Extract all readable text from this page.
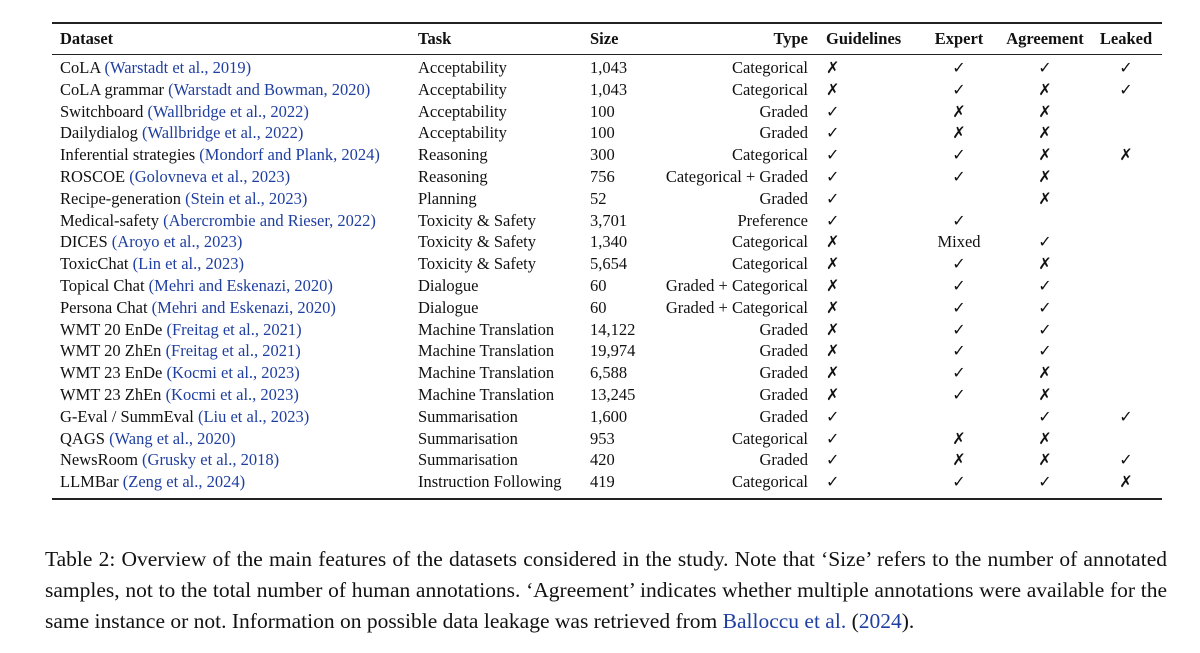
Dataset	Task	Size	Type	Guidelines	Expert	Agreement	Leaked
CoLA (Warstadt et al., 2019)	Acceptability	1,043	Categorical	✗	✓	✓	✓
CoLA grammar (Warstadt and Bowman, 2020)	Acceptability	1,043	Categorical	✗	✓	✗	✓
Switchboard (Wallbridge et al., 2022)	Acceptability	100	Graded	✓	✗	✗	
Dailydialog (Wallbridge et al., 2022)	Acceptability	100	Graded	✓	✗	✗	
Inferential strategies (Mondorf and Plank, 2024)	Reasoning	300	Categorical	✓	✓	✗	✗
ROSCOE (Golovneva et al., 2023)	Reasoning	756	Categorical + Graded	✓	✓	✗	
Recipe-generation (Stein et al., 2023)	Planning	52	Graded	✓		✗	
Medical-safety (Abercrombie and Rieser, 2022)	Toxicity & Safety	3,701	Preference	✓	✓		
DICES (Aroyo et al., 2023)	Toxicity & Safety	1,340	Categorical	✗	Mixed	✓	
ToxicChat (Lin et al., 2023)	Toxicity & Safety	5,654	Categorical	✗	✓	✗	
Topical Chat (Mehri and Eskenazi, 2020)	Dialogue	60	Graded + Categorical	✗	✓	✓	
Persona Chat (Mehri and Eskenazi, 2020)	Dialogue	60	Graded + Categorical	✗	✓	✓	
WMT 20 EnDe (Freitag et al., 2021)	Machine Translation	14,122	Graded	✗	✓	✓	
WMT 20 ZhEn (Freitag et al., 2021)	Machine Translation	19,974	Graded	✗	✓	✓	
WMT 23 EnDe (Kocmi et al., 2023)	Machine Translation	6,588	Graded	✗	✓	✗	
WMT 23 ZhEn (Kocmi et al., 2023)	Machine Translation	13,245	Graded	✗	✓	✗	
G-Eval / SummEval (Liu et al., 2023)	Summarisation	1,600	Graded	✓		✓	✓
QAGS (Wang et al., 2020)	Summarisation	953	Categorical	✓	✗	✗	
NewsRoom (Grusky et al., 2018)	Summarisation	420	Graded	✓	✗	✗	✓
LLMBar (Zeng et al., 2024)	Instruction Following	419	Categorical	✓	✓	✓	✗

Table 2: Overview of the main features of the datasets considered in the study. Note that ‘Size’ refers to the number of annotated samples, not to the total number of human annotations. ‘Agreement’ indicates whether multiple annotations were available for the same instance or not. Information on possible data leakage was retrieved from Balloccu et al. (2024).
